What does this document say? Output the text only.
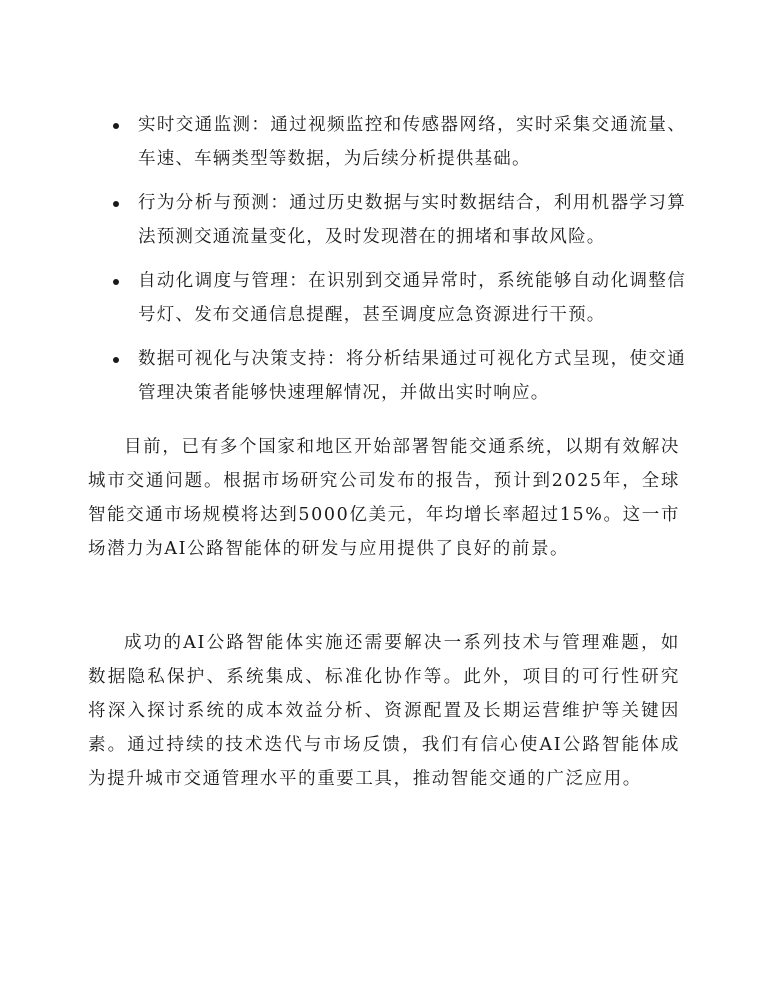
实时交通监测：通过视频监控和传感器网络，实时采集交通流量、车速、车辆类型等数据，为后续分析提供基础。
行为分析与预测：通过历史数据与实时数据结合，利用机器学习算法预测交通流量变化，及时发现潜在的拥堵和事故风险。
自动化调度与管理：在识别到交通异常时，系统能够自动化调整信号灯、发布交通信息提醒，甚至调度应急资源进行干预。
数据可视化与决策支持：将分析结果通过可视化方式呈现，使交通管理决策者能够快速理解情况，并做出实时响应。

目前，已有多个国家和地区开始部署智能交通系统，以期有效解决城市交通问题。根据市场研究公司发布的报告，预计到2025年，全球智能交通市场规模将达到5000亿美元，年均增长率超过15%。这一市场潜力为AI公路智能体的研发与应用提供了良好的前景。

成功的AI公路智能体实施还需要解决一系列技术与管理难题，如数据隐私保护、系统集成、标准化协作等。此外，项目的可行性研究将深入探讨系统的成本效益分析、资源配置及长期运营维护等关键因素。通过持续的技术迭代与市场反馈，我们有信心使AI公路智能体成为提升城市交通管理水平的重要工具，推动智能交通的广泛应用。
